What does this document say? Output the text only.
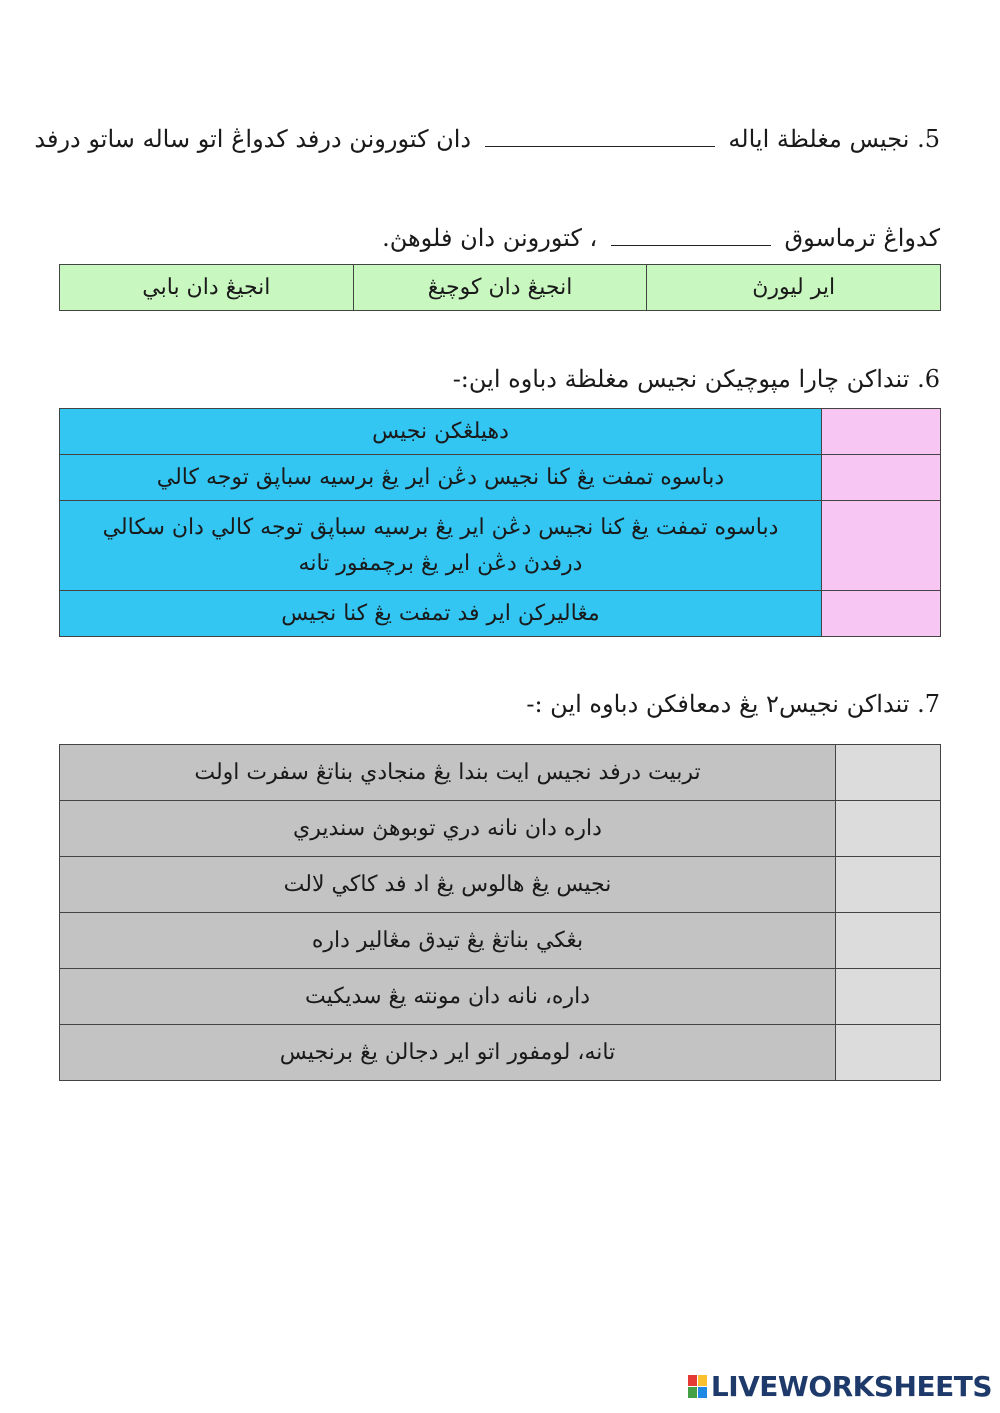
5. نجيس مغلظة اياله  دان كتورونن درفد كدواڠ اتو ساله ساتو درفد
كدواڠ ترماسوق  ، كتورونن دان فلوهڽ.
اير ليورڽ	انجيڠ دان كوچيڠ	انجيڠ دان بابي
6. تنداكن چارا مپوچيكن نجيس مغلظة دباوه اين:-
	دهيلڠكن نجيس
	دباسوه تمفت يڠ كنا نجيس دڠن اير يڠ برسيه سباپق توجه كالي
	دباسوه تمفت يڠ كنا نجيس دڠن اير يڠ برسيه سباپق توجه كالي دان سكالي درفدڽ دڠن اير يڠ برچمفور تانه
	مڠاليركن اير فد تمفت يڠ كنا نجيس
7. تنداكن نجيس٢ يڠ دمعافكن دباوه اين :-
	تربيت درفد نجيس ايت بندا يڠ منجادي بناتڠ سفرت اولت
	داره دان نانه دري توبوهڽ سنديري
	نجيس يڠ هالوس يڠ اد فد كاكي لالت
	بڠكي بناتڠ يڠ تيدق مڠالير داره
	داره، نانه دان مونته يڠ سديكيت
	تانه، لومفور اتو اير دجالن يڠ برنجيس
LIVEWORKSHEETS
